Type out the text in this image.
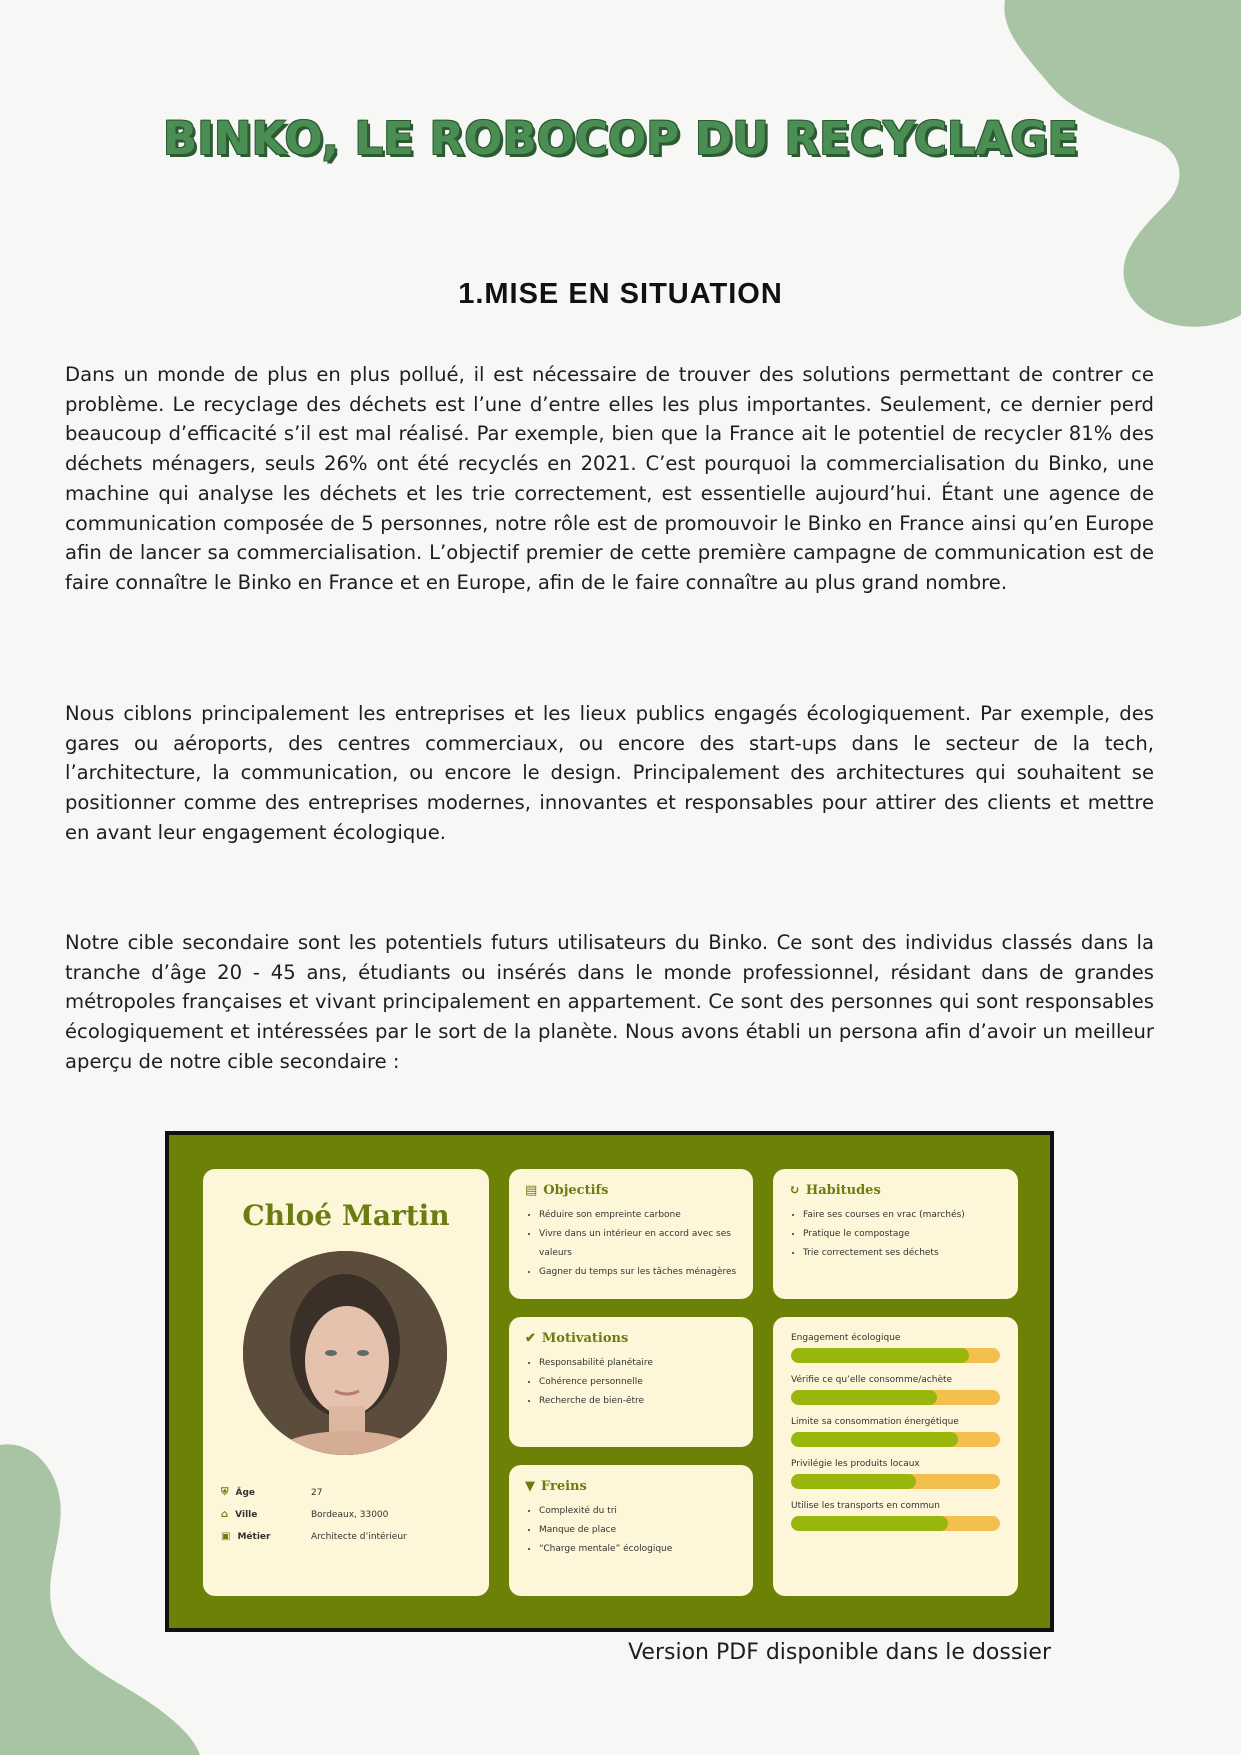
BINKO, LE ROBOCOP DU RECYCLAGE
1.MISE EN SITUATION

Dans un monde de plus en plus pollué, il est nécessaire de trouver des solutions permettant de contrer ce problème. Le recyclage des déchets est l’une d’entre elles les plus importantes. Seulement, ce dernier perd beaucoup d’efficacité s’il est mal réalisé. Par exemple, bien que la France ait le potentiel de recycler 81% des déchets ménagers, seuls 26% ont été recyclés en 2021. C’est pourquoi la commercialisation du Binko, une machine qui analyse les déchets et les trie correctement, est essentielle aujourd’hui. Étant une agence de communication composée de 5 personnes, notre rôle est de promouvoir le Binko en France ainsi qu’en Europe afin de lancer sa commercialisation. L’objectif premier de cette première campagne de communication est de faire connaître le Binko en France et en Europe, afin de le faire connaître au plus grand nombre.

Nous ciblons principalement les entreprises et les lieux publics engagés écologiquement. Par exemple, des gares ou aéroports, des centres commerciaux, ou encore des start-ups dans le secteur de la tech, l’architecture, la communication, ou encore le design. Principalement des architectures qui souhaitent se positionner comme des entreprises modernes, innovantes et responsables pour attirer des clients et mettre en avant leur engagement écologique.

Notre cible secondaire sont les potentiels futurs utilisateurs du Binko. Ce sont des individus classés dans la tranche d’âge 20 - 45 ans, étudiants ou insérés dans le monde professionnel, résidant dans de grandes métropoles françaises et vivant principalement en appartement. Ce sont des personnes qui sont responsables écologiquement et intéressées par le sort de la planète. Nous avons établi un persona afin d’avoir un meilleur aperçu de notre cible secondaire :

Chloé Martin
⛨ Âge	27
⌂ Ville	Bordeaux, 33000
▣ Métier	Architecte d’intérieur
▤ Objectifs
• Réduire son empreinte carbone
• Vivre dans un intérieur en accord avec ses valeurs
• Gagner du temps sur les tâches ménagères
↻ Habitudes
• Faire ses courses en vrac (marchés)
• Pratique le compostage
• Trie correctement ses déchets
✔ Motivations
• Responsabilité planétaire
• Cohérence personnelle
• Recherche de bien-être
▼ Freins
• Complexité du tri
• Manque de place
• “Charge mentale” écologique
Engagement écologique
Vérifie ce qu’elle consomme/achète
Limite sa consommation énergétique
Privilégie les produits locaux
Utilise les transports en commun

Version PDF disponible dans le dossier
